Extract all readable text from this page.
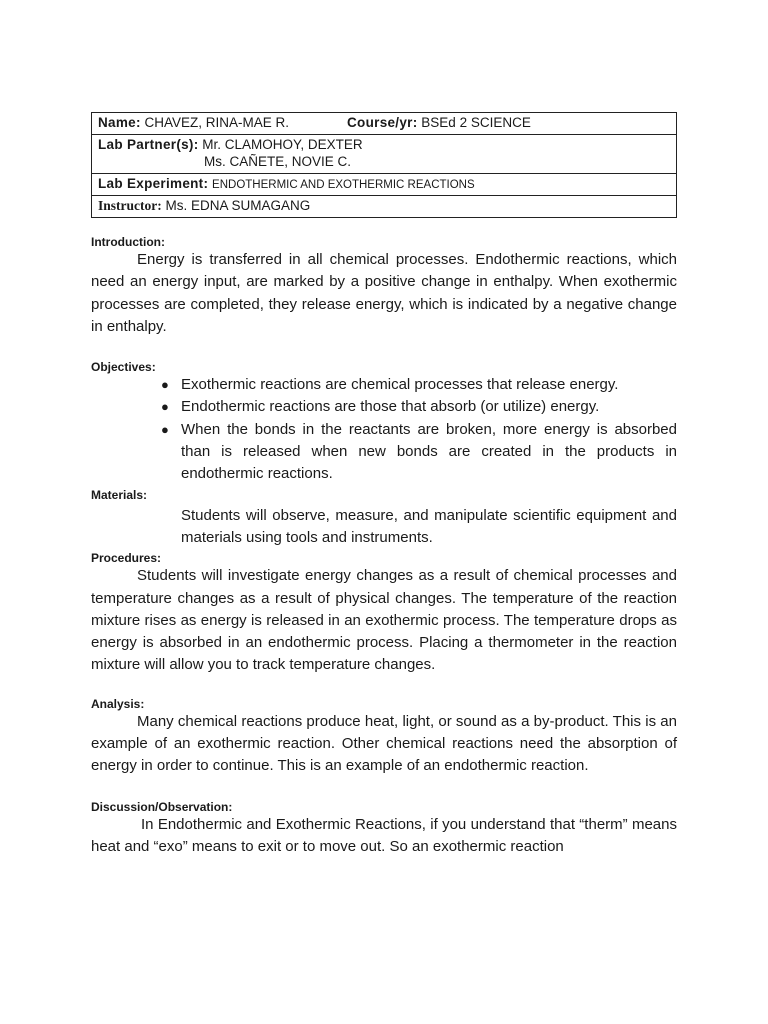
Name: CHAVEZ, RINA-MAE R.	Course/yr: BSEd 2 SCIENCE

Lab Partner(s): Mr. CLAMOHOY, DEXTER
Ms. CAÑETE, NOVIE C.

Lab Experiment: ENDOTHERMIC AND EXOTHERMIC REACTIONS
Instructor: Ms. EDNA SUMAGANG

Introduction:

Energy is transferred in all chemical processes. Endothermic reactions, which need an energy input, are marked by a positive change in enthalpy. When exothermic processes are completed, they release energy, which is indicated by a negative change in enthalpy.

Objectives:

● Exothermic reactions are chemical processes that release energy.
● Endothermic reactions are those that absorb (or utilize) energy.
● When the bonds in the reactants are broken, more energy is absorbed than is released when new bonds are created in the products in endothermic reactions.

Materials:

Students will observe, measure, and manipulate scientific equipment and materials using tools and instruments.

Procedures:

Students will investigate energy changes as a result of chemical processes and temperature changes as a result of physical changes. The temperature of the reaction mixture rises as energy is released in an exothermic process. The temperature drops as energy is absorbed in an endothermic process. Placing a thermometer in the reaction mixture will allow you to track temperature changes.

Analysis:

Many chemical reactions produce heat, light, or sound as a by-product. This is an example of an exothermic reaction. Other chemical reactions need the absorption of energy in order to continue. This is an example of an endothermic reaction.

Discussion/Observation:

In Endothermic and Exothermic Reactions, if you understand that “therm” means heat and “exo” means to exit or to move out. So an exothermic reaction
